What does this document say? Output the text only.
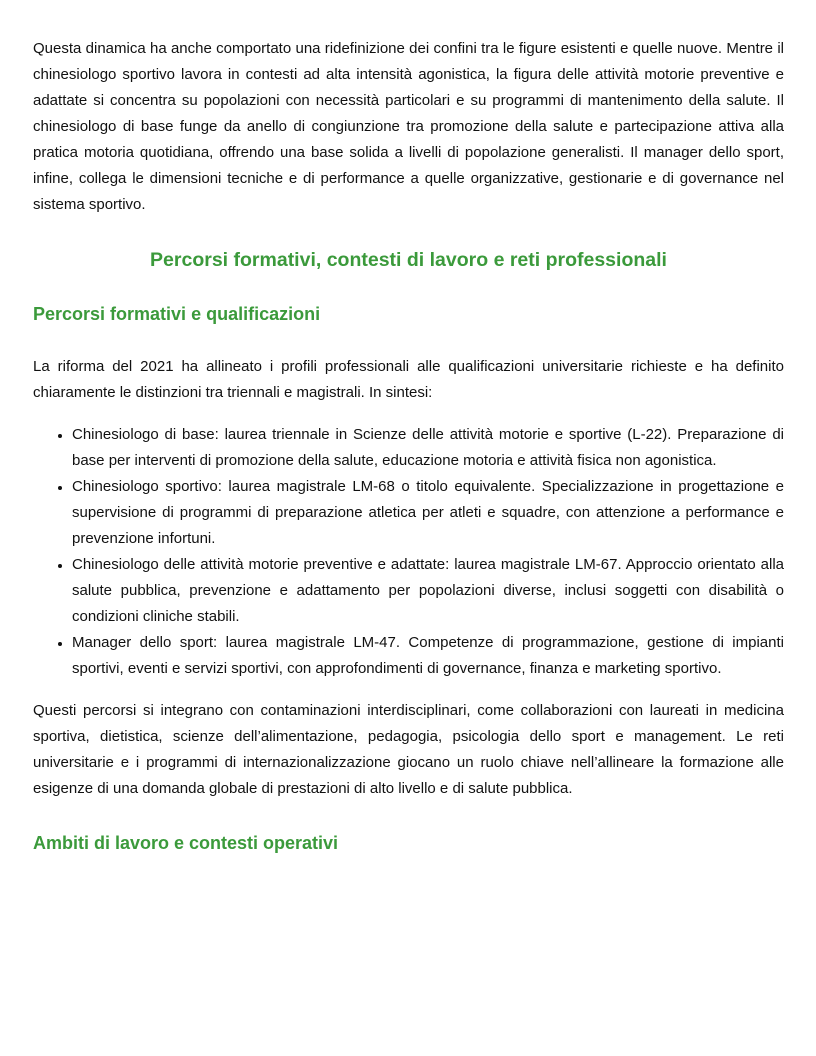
Questa dinamica ha anche comportato una ridefinizione dei confini tra le figure esistenti e quelle nuove. Mentre il chinesiologo sportivo lavora in contesti ad alta intensità agonistica, la figura delle attività motorie preventive e adattate si concentra su popolazioni con necessità particolari e su programmi di mantenimento della salute. Il chinesiologo di base funge da anello di congiunzione tra promozione della salute e partecipazione attiva alla pratica motoria quotidiana, offrendo una base solida a livelli di popolazione generalisti. Il manager dello sport, infine, collega le dimensioni tecniche e di performance a quelle organizzative, gestionarie e di governance nel sistema sportivo.

Percorsi formativi, contesti di lavoro e reti professionali
Percorsi formativi e qualificazioni

La riforma del 2021 ha allineato i profili professionali alle qualificazioni universitarie richieste e ha definito chiaramente le distinzioni tra triennali e magistrali. In sintesi:

• Chinesiologo di base: laurea triennale in Scienze delle attività motorie e sportive (L-22). Preparazione di base per interventi di promozione della salute, educazione motoria e attività fisica non agonistica.
• Chinesiologo sportivo: laurea magistrale LM-68 o titolo equivalente. Specializzazione in progettazione e supervisione di programmi di preparazione atletica per atleti e squadre, con attenzione a performance e prevenzione infortuni.
• Chinesiologo delle attività motorie preventive e adattate: laurea magistrale LM-67. Approccio orientato alla salute pubblica, prevenzione e adattamento per popolazioni diverse, inclusi soggetti con disabilità o condizioni cliniche stabili.
• Manager dello sport: laurea magistrale LM-47. Competenze di programmazione, gestione di impianti sportivi, eventi e servizi sportivi, con approfondimenti di governance, finanza e marketing sportivo.

Questi percorsi si integrano con contaminazioni interdisciplinari, come collaborazioni con laureati in medicina sportiva, dietistica, scienze dell’alimentazione, pedagogia, psicologia dello sport e management. Le reti universitarie e i programmi di internazionalizzazione giocano un ruolo chiave nell’allineare la formazione alle esigenze di una domanda globale di prestazioni di alto livello e di salute pubblica.

Ambiti di lavoro e contesti operativi
